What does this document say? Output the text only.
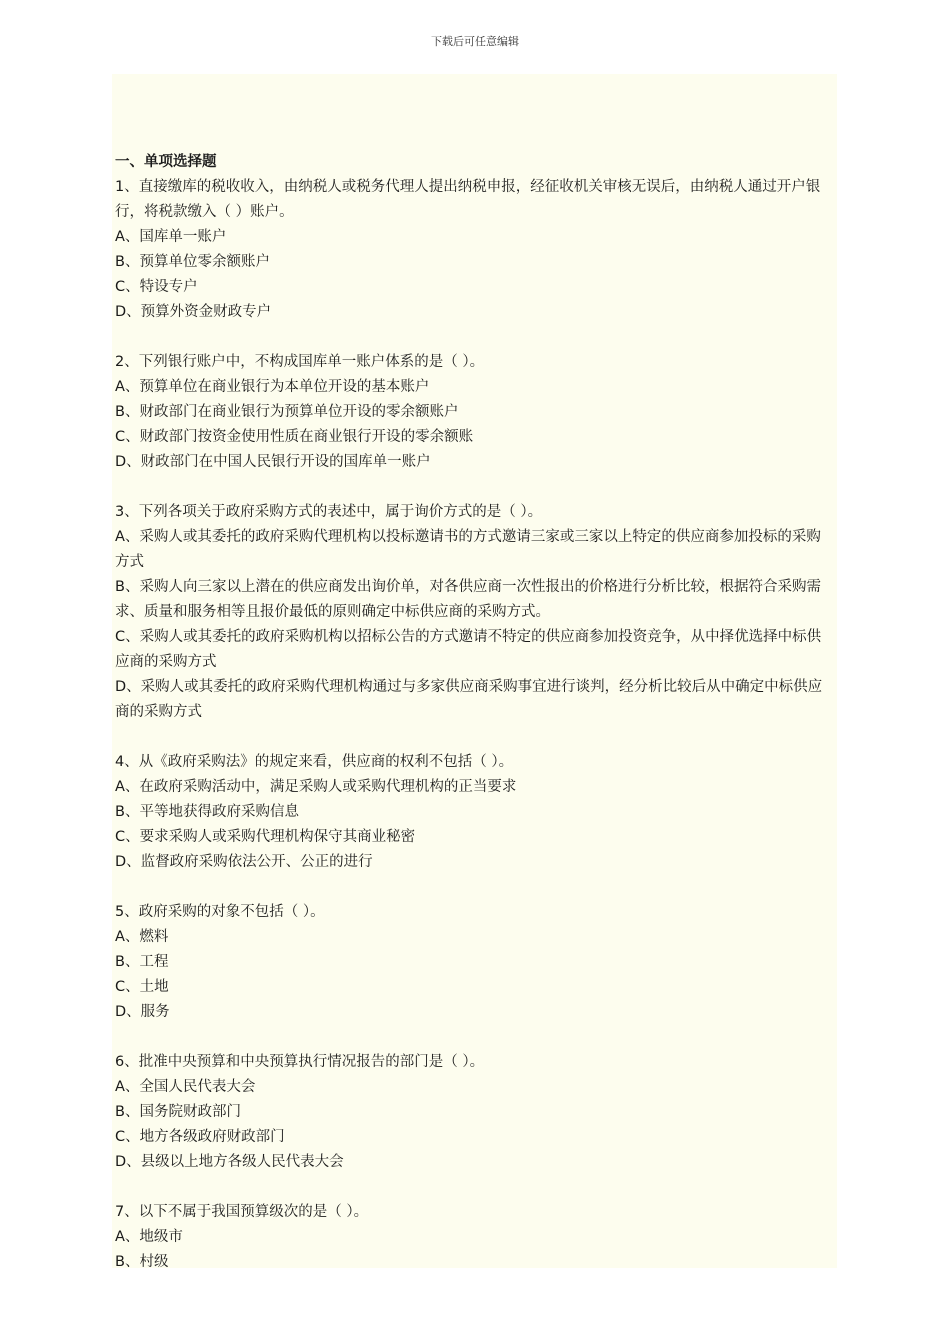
下载后可任意编辑
一、单项选择题

1、直接缴库的税收收入，由纳税人或税务代理人提出纳税申报，经征收机关审核无误后，由纳税人通过开户银行，将税款缴入（ ）账户。

A、国库单一账户

B、预算单位零余额账户

C、特设专户

D、预算外资金财政专户

2、下列银行账户中，不构成国库单一账户体系的是（ ）。

A、预算单位在商业银行为本单位开设的基本账户

B、财政部门在商业银行为预算单位开设的零余额账户

C、财政部门按资金使用性质在商业银行开设的零余额账

D、财政部门在中国人民银行开设的国库单一账户

3、下列各项关于政府采购方式的表述中，属于询价方式的是（ ）。

A、采购人或其委托的政府采购代理机构以投标邀请书的方式邀请三家或三家以上特定的供应商参加投标的采购方式

B、采购人向三家以上潜在的供应商发出询价单，对各供应商一次性报出的价格进行分析比较，根据符合采购需求、质量和服务相等且报价最低的原则确定中标供应商的采购方式。

C、采购人或其委托的政府采购机构以招标公告的方式邀请不特定的供应商参加投资竞争，从中择优选择中标供应商的采购方式

D、采购人或其委托的政府采购代理机构通过与多家供应商采购事宜进行谈判，经分析比较后从中确定中标供应商的采购方式

4、从《政府采购法》的规定来看，供应商的权利不包括（ ）。

A、在政府采购活动中，满足采购人或采购代理机构的正当要求

B、平等地获得政府采购信息

C、要求采购人或采购代理机构保守其商业秘密

D、监督政府采购依法公开、公正的进行

5、政府采购的对象不包括（ ）。

A、燃料

B、工程

C、土地

D、服务

6、批准中央预算和中央预算执行情况报告的部门是（ ）。

A、全国人民代表大会

B、国务院财政部门

C、地方各级政府财政部门

D、县级以上地方各级人民代表大会

7、以下不属于我国预算级次的是（ ）。

A、地级市

B、村级
